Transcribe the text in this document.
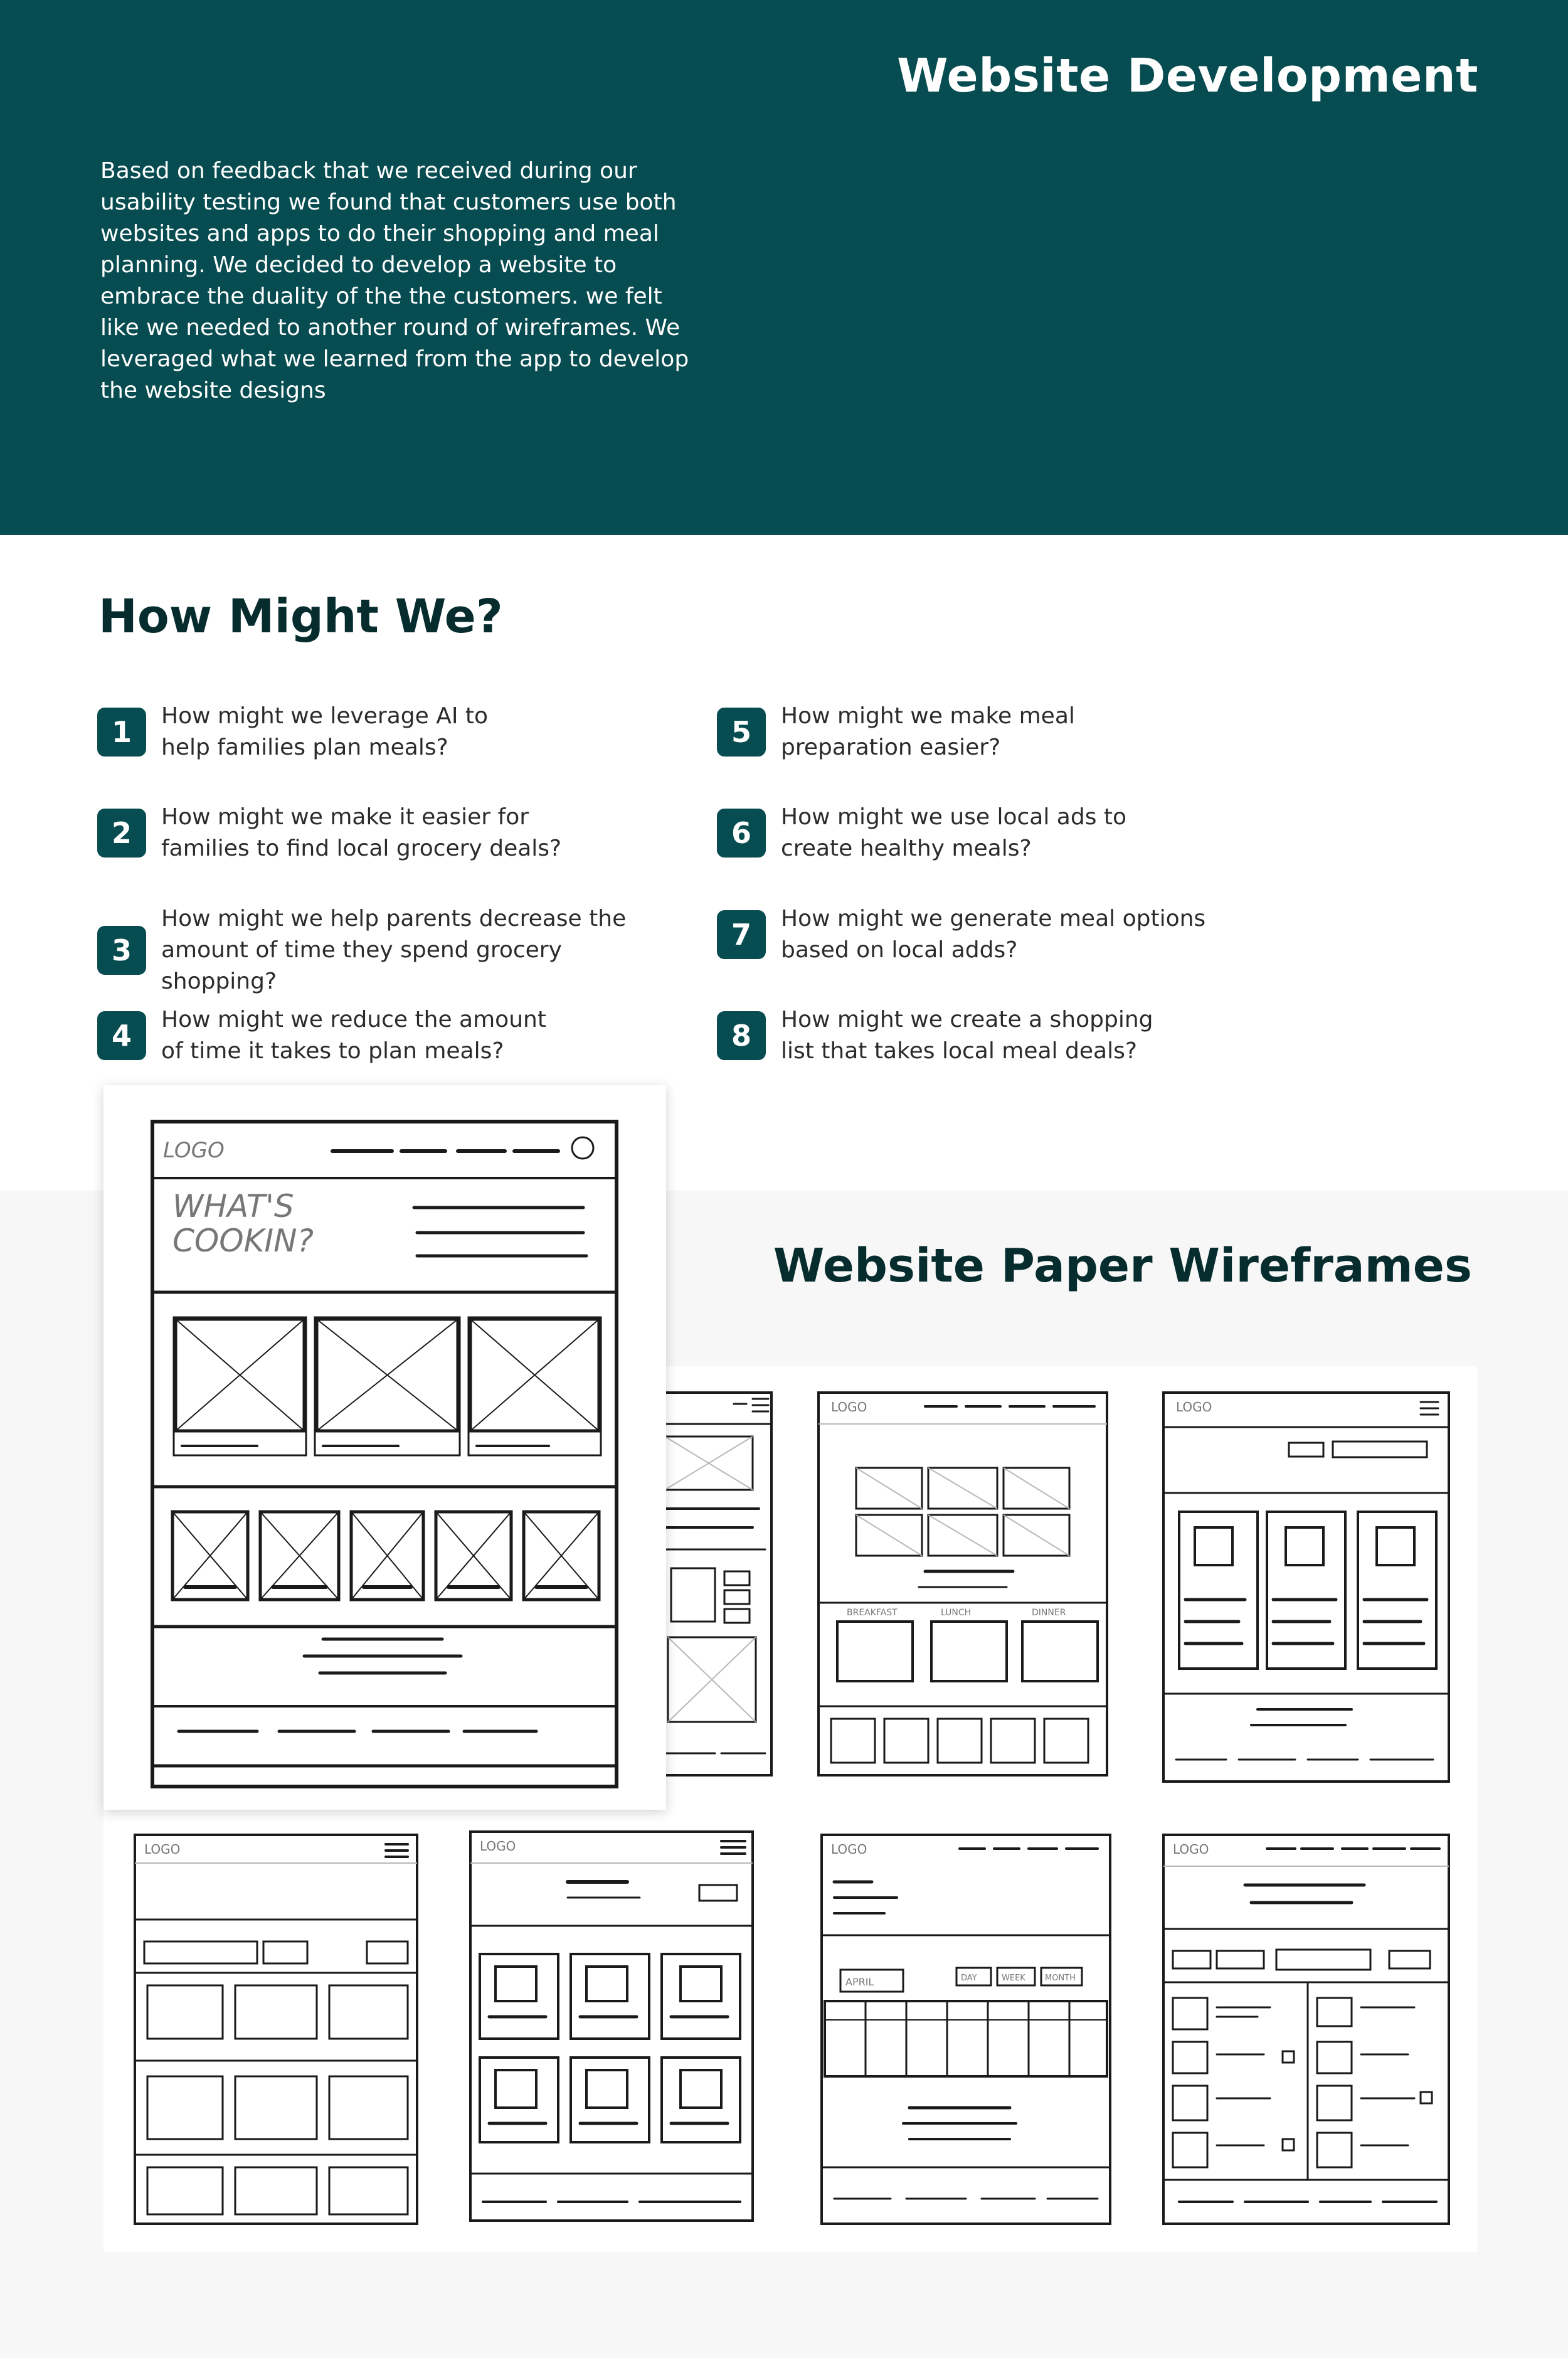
Website Development

Based on feedback that we received during our usability testing we found that customers use both websites and apps to do their shopping and meal planning. We decided to develop a website to embrace the duality of the the customers. we felt like we needed to another round of wireframes. We leveraged what we learned from the app to develop the website designs

How Might We?
1	How might we leverage AI to help families plan meals?
2	How might we make it easier for families to find local grocery deals?
3
How might we help parents decrease the amount of time they spend grocery shopping?
4	How might we reduce the amount of time it takes to plan meals?
5	How might we make meal preparation easier?
6	How might we use local ads to create healthy meals?
7	How might we generate meal options based on local adds?
8	How might we create a shopping list that takes local meal deals?
Website Paper Wireframes
LOGO
BREAKFAST	LUNCH	DINNER
LOGO
LOGO	LOGO	LOGO
APRIL	DAY	WEEK MONTH
LOGO
LOGO
WHAT'S
COOKIN?
